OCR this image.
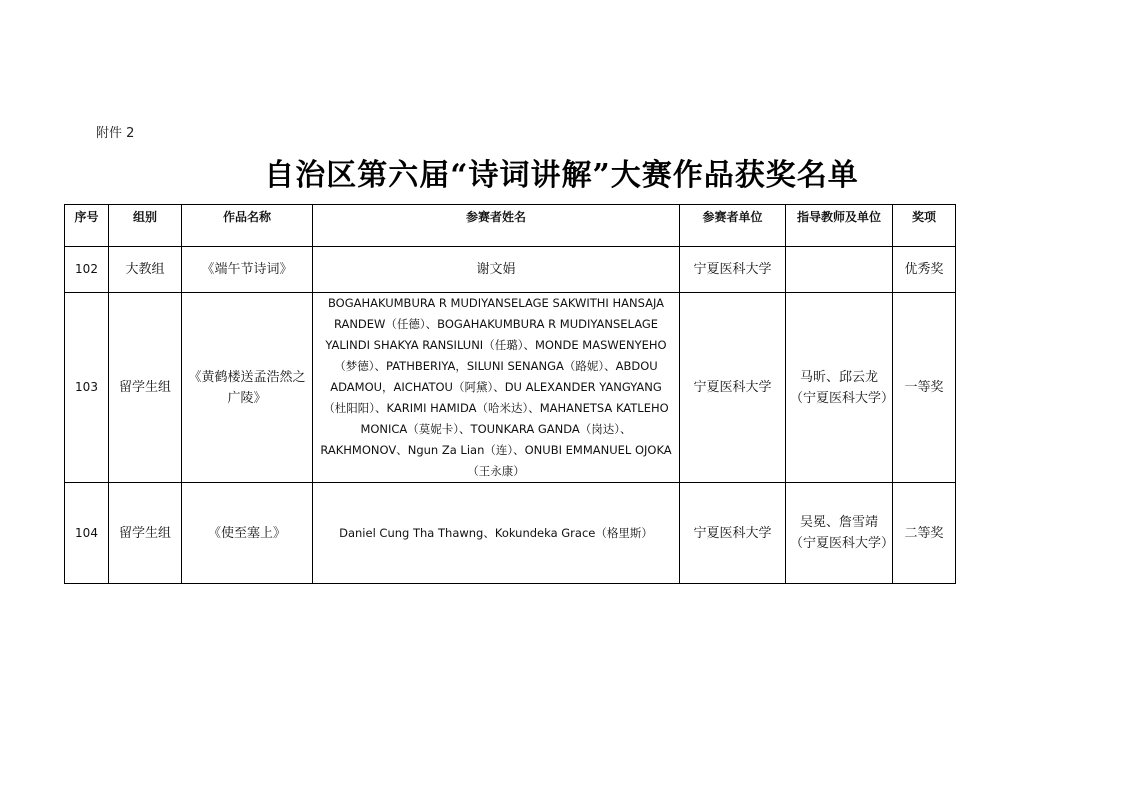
附件 2
自治区第六届“诗词讲解”大赛作品获奖名单
序号	组别	作品名称	参赛者姓名	参赛者单位	指导教师及单位	奖项
102	大教组	《端午节诗词》	谢文娟	宁夏医科大学		优秀奖
103	留学生组	《黄鹤楼送孟浩然之广陵》	BOGAHAKUMBURA R MUDIYANSELAGE SAKWITHI HANSAJA RANDEW（任德）、BOGAHAKUMBURA R MUDIYANSELAGE YALINDI SHAKYA RANSILUNI（任璐）、MONDE MASWENYEHO（梦德）、PATHBERIYA，SILUNI SENANGA（路妮）、ABDOU ADAMOU，AICHATOU（阿黛）、DU ALEXANDER YANGYANG（杜阳阳）、KARIMI HAMIDA（哈米达）、MAHANETSA KATLEHO MONICA（莫妮卡）、TOUNKARA GANDA（岗达）、RAKHMONOV、Ngun Za Lian（连）、ONUBI EMMANUEL OJOKA（王永康）	宁夏医科大学	马昕、邱云龙（宁夏医科大学）	一等奖
104	留学生组	《使至塞上》	Daniel Cung Tha Thawng、Kokundeka Grace（格里斯）	宁夏医科大学	吴冕、詹雪靖（宁夏医科大学）	二等奖
